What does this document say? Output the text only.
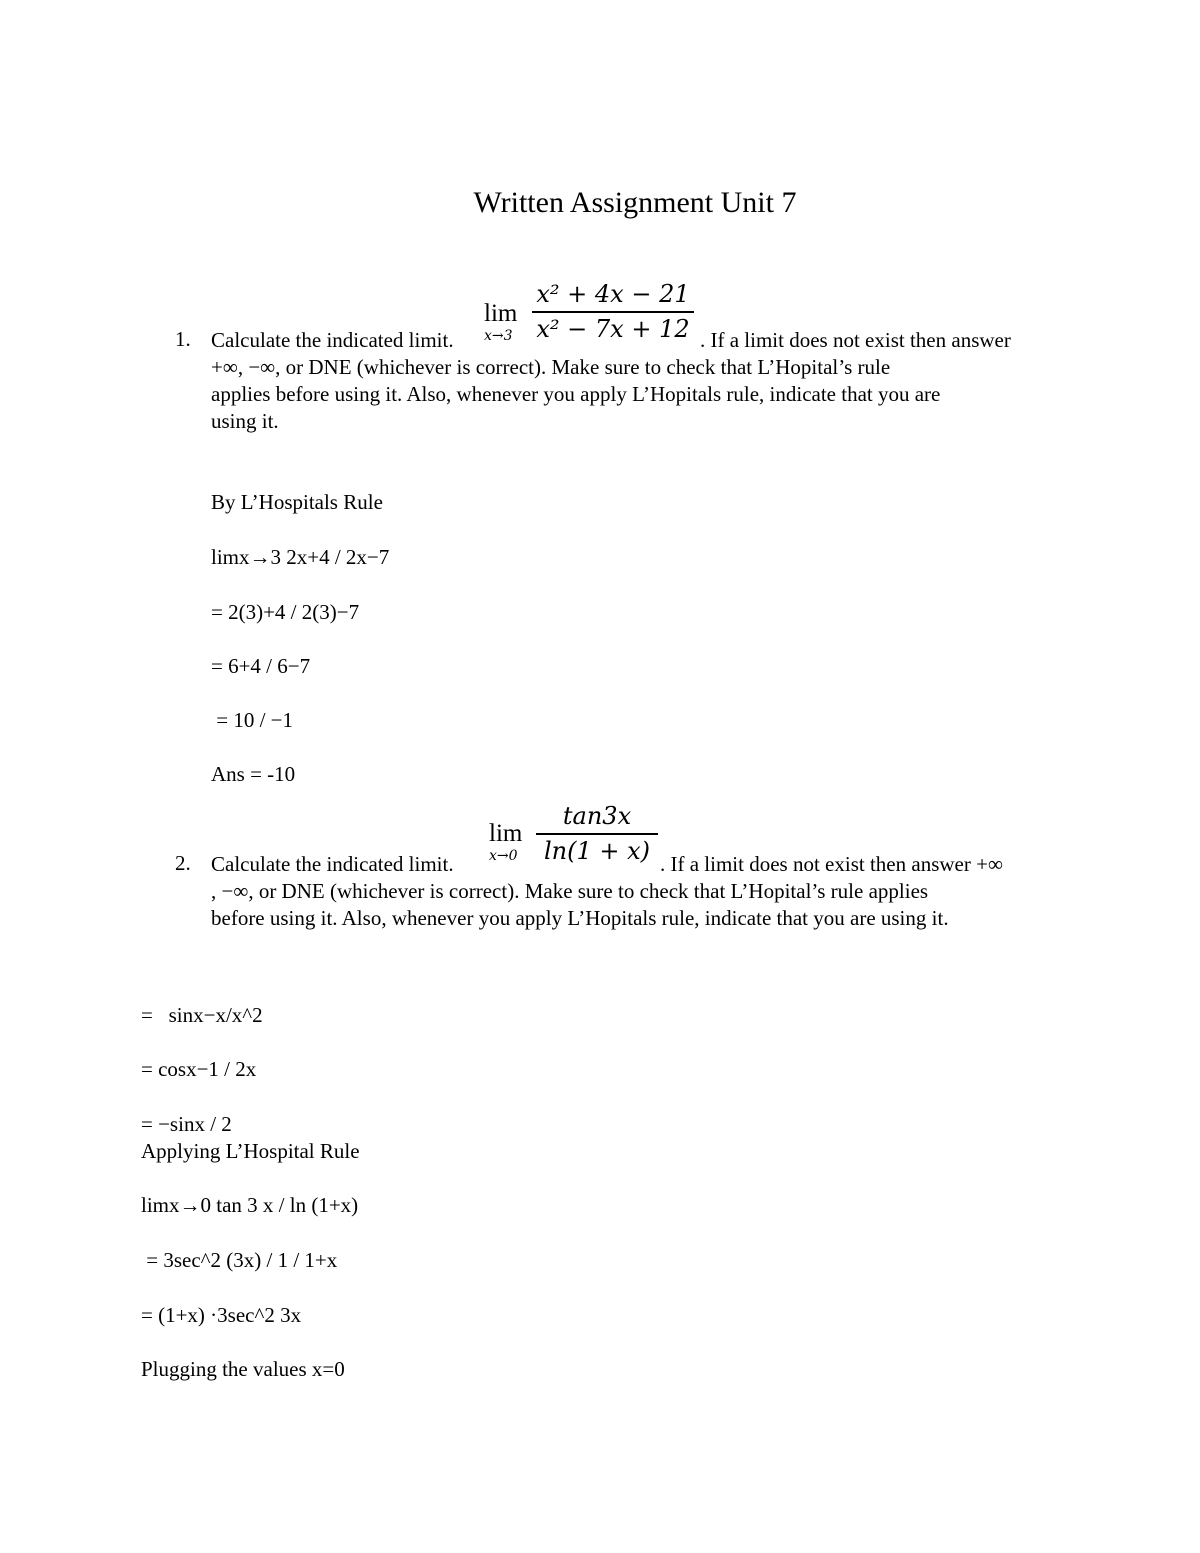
Written Assignment Unit 7
1.
lim
x→3
x² + 4x − 21
x² − 7x + 12
Calculate the indicated limit.	. If a limit does not exist then answer
+∞, −∞, or DNE (whichever is correct). Make sure to check that L’Hopital’s rule
applies before using it. Also, whenever you apply L’Hopitals rule, indicate that you are
using it.
By L’Hospitals Rule
limx→3 2x+4 / 2x−7
= 2(3)+4 / 2(3)−7
= 6+4 / 6−7
= 10 / −1
Ans = -10
2.
lim
x→0
tan3x
ln(1 + x)
Calculate the indicated limit.	. If a limit does not exist then answer +∞
, −∞, or DNE (whichever is correct). Make sure to check that L’Hopital’s rule applies
before using it. Also, whenever you apply L’Hopitals rule, indicate that you are using it.
=   sinx−x/x^2
= cosx−1 / 2x
= −sinx / 2
Applying L’Hospital Rule
limx→0 tan 3 x / ln (1+x)
= 3sec^2 (3x) / 1 / 1+x
= (1+x) ·3sec^2 3x
Plugging the values x=0
